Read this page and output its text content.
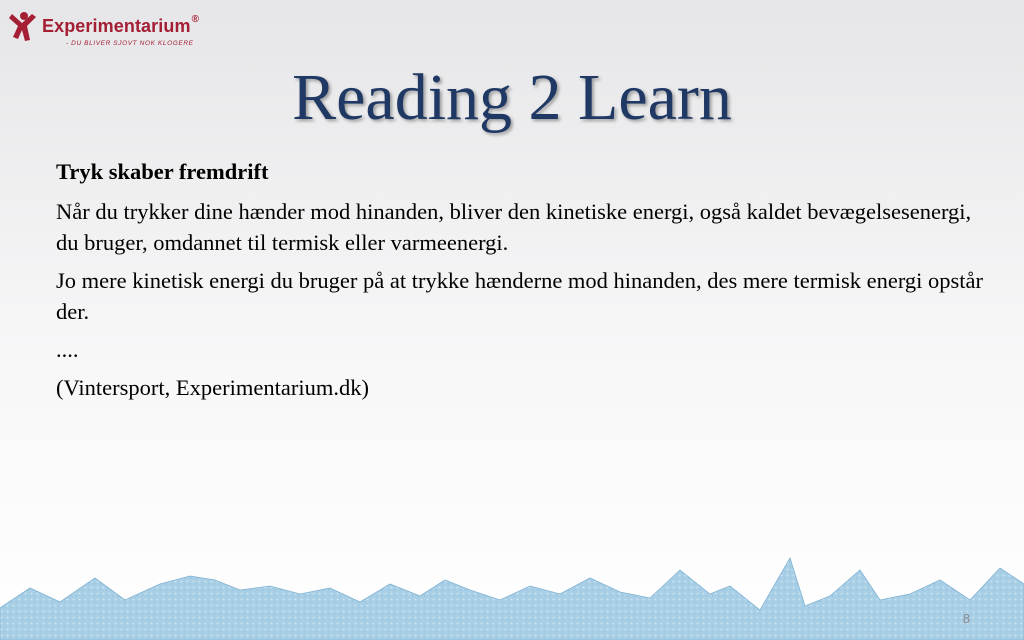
Experimentarium®
- DU BLIVER SJOVT NOK KLOGERE
Reading 2 Learn

Tryk skaber fremdrift

Når du trykker dine hænder mod hinanden, bliver den kinetiske energi, også kaldet bevægelsesenergi, du bruger, omdannet til termisk eller varmeenergi.

Jo mere kinetisk energi du bruger på at trykke hænderne mod hinanden, des mere termisk energi opstår der.

....

(Vintersport, Experimentarium.dk)

8
